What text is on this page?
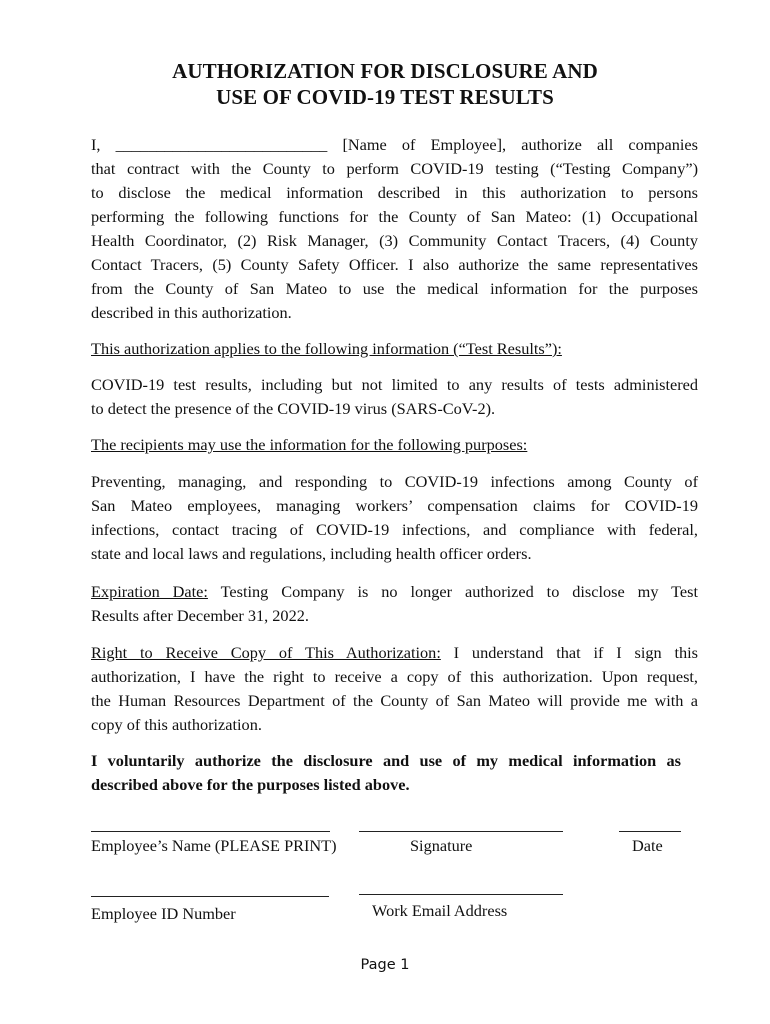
AUTHORIZATION FOR DISCLOSURE AND
USE OF COVID-19 TEST RESULTS
I, __________________________ [Name of Employee], authorize all companies
that contract with the County to perform COVID-19 testing (“Testing Company”)
to disclose the medical information described in this authorization to persons
performing the following functions for the County of San Mateo: (1) Occupational
Health Coordinator, (2) Risk Manager, (3) Community Contact Tracers, (4) County
Contact Tracers, (5) County Safety Officer. I also authorize the same representatives
from the County of San Mateo to use the medical information for the purposes
described in this authorization.
This authorization applies to the following information (“Test Results”):
COVID-19 test results, including but not limited to any results of tests administered
to detect the presence of the COVID-19 virus (SARS-CoV-2).
The recipients may use the information for the following purposes:
Preventing, managing, and responding to COVID-19 infections among County of
San Mateo employees, managing workers’ compensation claims for COVID-19
infections, contact tracing of COVID-19 infections, and compliance with federal,
state and local laws and regulations, including health officer orders.
Expiration Date: Testing Company is no longer authorized to disclose my Test
Results after December 31, 2022.
Right to Receive Copy of This Authorization: I understand that if I sign this
authorization, I have the right to receive a copy of this authorization. Upon request,
the Human Resources Department of the County of San Mateo will provide me with a
copy of this authorization.
I voluntarily authorize the disclosure and use of my medical information as
described above for the purposes listed above.
Employee’s Name (PLEASE PRINT)	Signature	Date
Employee ID Number	Work Email Address
Page 1
